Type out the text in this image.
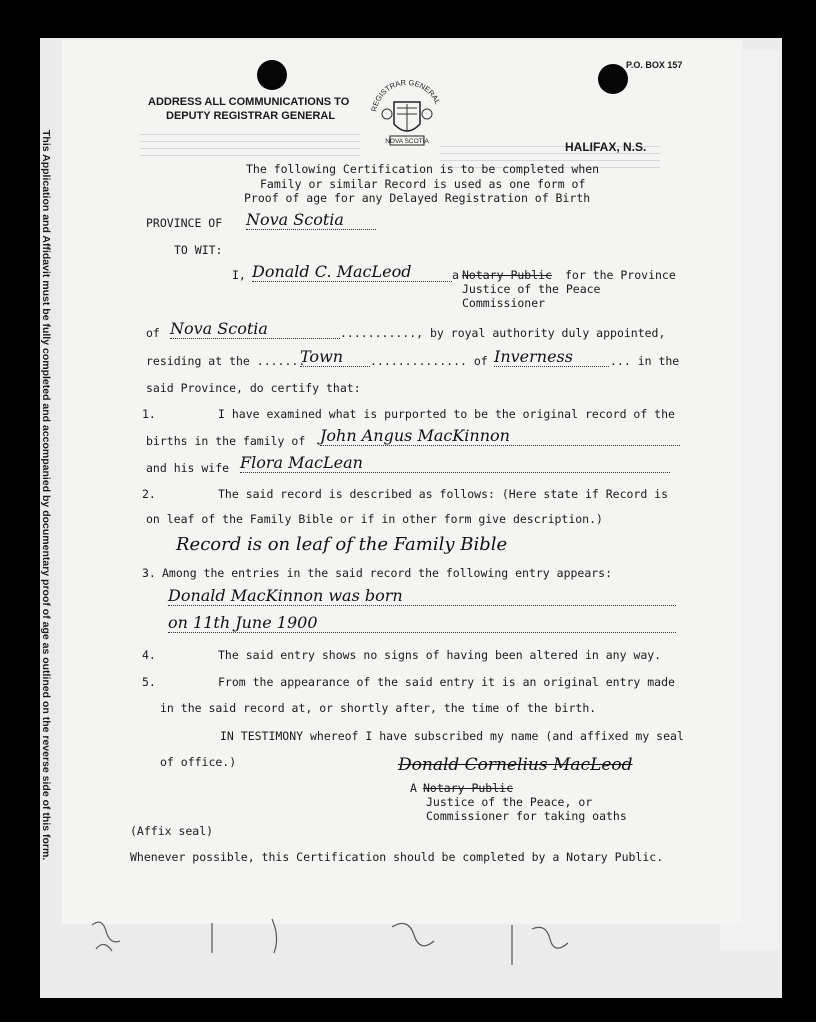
This Application and Affidavit must be fully completed and accompanied by documentary proof of age as outlined on the reverse side of this form.
P.O. BOX 157
ADDRESS ALL COMMUNICATIONS TO
DEPUTY REGISTRAR GENERAL
REGISTRAR GENERAL
NOVA SCOTIA	HALIFAX, N.S.
The following Certification is to be completed when
Family or similar Record is used as one form of
Proof of age for any Delayed Registration of Birth
PROVINCE OF Nova Scotia
TO WIT:
I, Donald C. MacLeod	a Notary Public for the Province
Justice of the Peace
Commissioner
of Nova Scotia	..........., by royal authority duly appointed,
residing at the .......
Town	.............. of Inverness	... in the
said Province, do certify that:
1.	I have examined what is purported to be the original record of the
births in the family of John Angus MacKinnon
and his wife Flora MacLean
2.	The said record is described as follows: (Here state if Record is
on leaf of the Family Bible or if in other form give description.)
Record is on leaf of the Family Bible
3. Among the entries in the said record the following entry appears:
Donald MacKinnon was born
on 11th June 1900
4.	The said entry shows no signs of having been altered in any way.
5.	From the appearance of the said entry it is an original entry made
in the said record at, or shortly after, the time of the birth.
IN TESTIMONY whereof I have subscribed my name (and affixed my seal
of office.)	Donald Cornelius MacLeod
A Notary Public
Justice of the Peace, or
Commissioner for taking oaths
(Affix seal)
Whenever possible, this Certification should be completed by a Notary Public.
